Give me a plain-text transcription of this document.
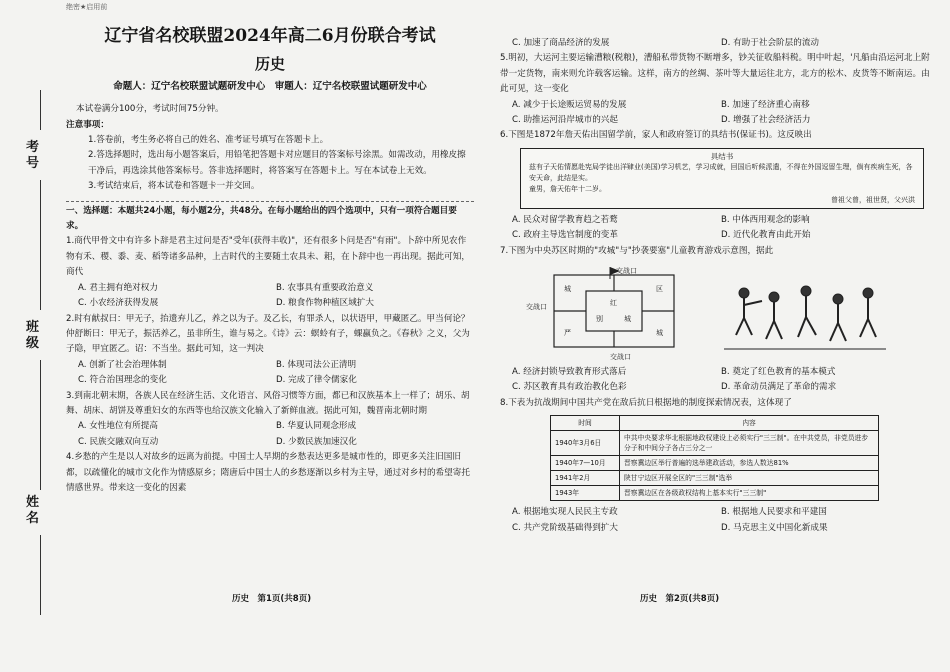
考号
班级
姓名
绝密★启用前
辽宁省名校联盟2024年高二6月份联合考试
历史
命题人：辽宁名校联盟试题研发中心　审题人：辽宁名校联盟试题研发中心
本试卷满分100分，考试时间75分钟。
注意事项：
1.答卷前，考生务必将自己的姓名、准考证号填写在答题卡上。
2.答选择题时，选出每小题答案后，用铅笔把答题卡对应题目的答案标号涂黑。如需改动，用橡皮擦干净后，再选涂其他答案标号。答非选择题时，将答案写在答题卡上。写在本试卷上无效。
3.考试结束后，将本试卷和答题卡一并交回。
一、选择题：本题共24小题，每小题2分，共48分。在每小题给出的四个选项中，只有一项符合题目要求。
1.商代甲骨文中有许多卜辞是君主过问是否"受年(获得丰收)"，还有很多卜问是否"有雨"。卜辞中所见农作物有禾、稷、黍、麦、稻等诸多品种，上吉时代的主要随土农具未、耜，在卜辞中也一再出现。据此可知，商代
A. 君主拥有绝对权力	B. 农事具有重要政治意义
C. 小农经济获得发展	D. 粮食作物种植区域扩大
2.时有献叔曰：甲无子，抬遗弃儿乙，养之以为子。及乙长，有罪杀人，以状语甲，甲藏匿乙。甲当何论？仲舒断曰：甲无子，振活养乙，虽非所生，谁与易之。《诗》云：螟蛉有子，蜾蠃负之。《春秋》之义，父为子隐，甲宜匿乙。诏：不当坐。据此可知，这一判决
A. 创新了社会治理体制	B. 体现司法公正清明
C. 符合治国理念的变化	D. 完成了律令儒家化
3.到南北朝末期，各族人民在经济生活、文化语言、风俗习惯等方面，都已和汉族基本上一样了；胡乐、胡舞、胡床、胡饼及尊重妇女的东西等也给汉族文化输入了新鲜血液。据此可知，魏晋南北朝时期
A. 女性地位有所提高	B. 华夏认同观念形成
C. 民族交融双向互动	D. 少数民族加速汉化
4.乡愁的产生是以人对故乡的远离为前提。中国士人早期的乡愁表达更多是城市性的，即更多关注旧国旧都，以疏懂化的城市文化作为情感原乡；隋唐后中国士人的乡愁逐渐以乡村为主导，通过对乡村的希望寄托情感世界。带来这一变化的因素
历史　第1页(共8页)
C. 加速了商品经济的发展	D. 有助于社会阶层的流动
5.明初，大运河主要运输漕粮(税粮)，漕船私带货物不断增多，钞关征收船料税。明中叶起，'凡船由沿运河北上附带一定货物，南来则允许载客运输。这样，南方的丝绸、茶叶等大量运往北方，北方的松木、皮货等不断南运。由此可见，这一变化
A. 减少于长途贩运贸易的发展	B. 加速了经济重心南移
C. 助推运河沿岸城市的兴起	D. 增强了社会经济活力
6.下图是1872年詹天佑出国留学前，家人和政府签订的具结书(保证书)。这反映出
具结书
兹有子天佑情愿赴宪局学徒出洋肄业(美国)学习机艺，学习成就，回国后听候派遣，不得在外国逗留生理，倘有疾病生死，各安天命，此结是实。
童男，詹天佑年十二岁。
曾祖父曾，祖世贤，父兴洪
A. 民众对留学教育趋之若鹜	B. 中体西用观念的影响
C. 政府主导选官制度的变革	D. 近代化教育由此开始
7.下图为中央苏区时期的"攻城"与"抄袭要塞"儿童教育游戏示意图，据此
交战口
城	区
红
交战口
别	城
城
交战口
严
A. 经济封锁导致教育形式落后	B. 奠定了红色教育的基本模式
C. 苏区教育具有政治教化色彩	D. 革命动员满足了革命的需求
8.下表为抗战期间中国共产党在敌后抗日根据地的制度探索情况表，这体现了
时间	内容
1940年3月6日	中共中央要求华北根据地政权建设上必须实行"三三制"。在中共党员，非党员进步分子和中间分子各占三分之一
1940年7—10月	晋察冀边区举行普遍的选举建政活动，参选人数达81%
1941年2月	陕甘宁边区开展全区的"三三制"选举
1943年	晋察冀边区在各级政权结构上基本实行"三三制"
A. 根据地实现人民民主专政	B. 根据地人民要求和平建国
C. 共产党阶级基础得到扩大	D. 马克思主义中国化新成果
历史　第2页(共8页)
